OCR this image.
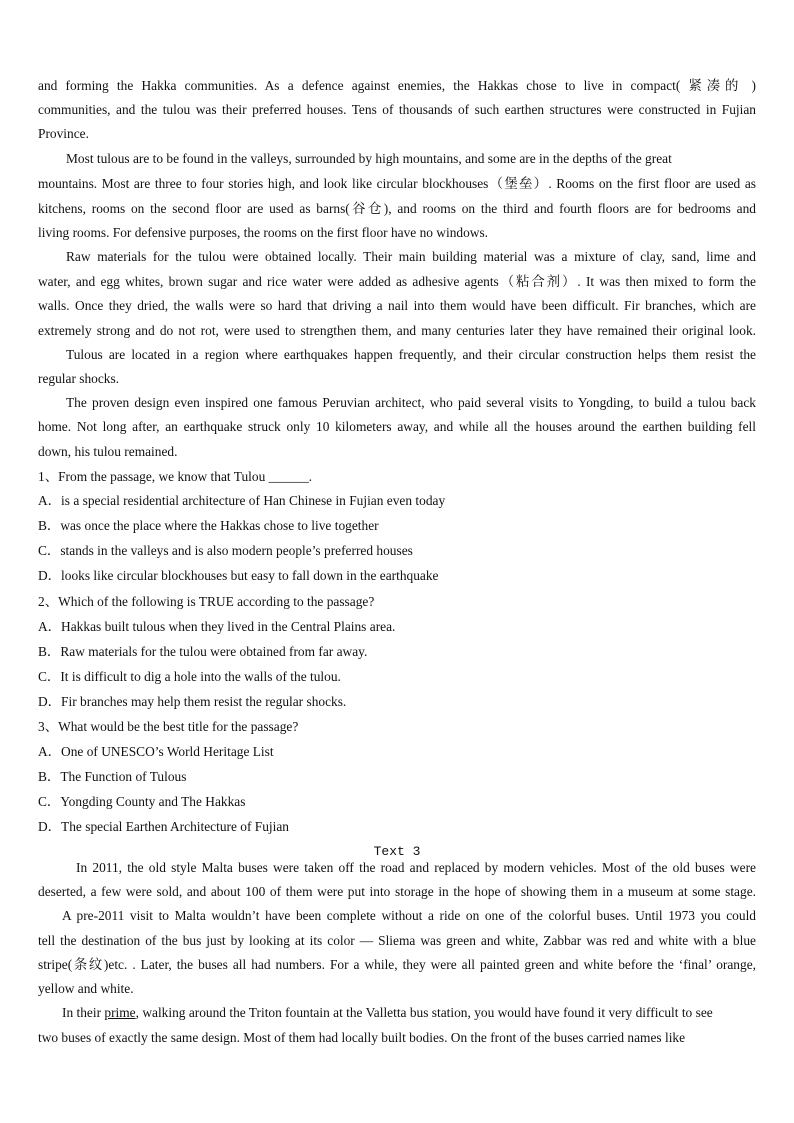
and forming the Hakka communities. As a defence against enemies, the Hakkas chose to live in compact( 紧凑的 )
communities, and the tulou was their preferred houses. Tens of thousands of such earthen structures were constructed in Fujian
Province.
Most tulous are to be found in the valleys, surrounded by high mountains, and some are in the depths of the great
mountains. Most are three to four stories high, and look like circular blockhouses（堡垒）. Rooms on the first floor are used as
kitchens, rooms on the second floor are used as barns(谷仓), and rooms on the third and fourth floors are for bedrooms and
living rooms. For defensive purposes, the rooms on the first floor have no windows.
Raw materials for the tulou were obtained locally. Their main building material was a mixture of clay, sand, lime and
water, and egg whites, brown sugar and rice water were added as adhesive agents（粘合剂）. It was then mixed to form the
walls. Once they dried, the walls were so hard that driving a nail into them would have been difficult. Fir branches, which are
extremely strong and do not rot, were used to strengthen them, and many centuries later they have remained their original look.
Tulous are located in a region where earthquakes happen frequently, and their circular construction helps them resist the
regular shocks.
The proven design even inspired one famous Peruvian architect, who paid several visits to Yongding, to build a tulou back
home. Not long after, an earthquake struck only 10 kilometers away, and while all the houses around the earthen building fell
down, his tulou remained.
1、From the passage, we know that Tulou ______.
A．is a special residential architecture of Han Chinese in Fujian even today
B．was once the place where the Hakkas chose to live together
C．stands in the valleys and is also modern people’s preferred houses
D．looks like circular blockhouses but easy to fall down in the earthquake
2、Which of the following is TRUE according to the passage?
A．Hakkas built tulous when they lived in the Central Plains area.
B．Raw materials for the tulou were obtained from far away.
C．It is difficult to dig a hole into the walls of the tulou.
D．Fir branches may help them resist the regular shocks.
3、What would be the best title for the passage?
A．One of UNESCO’s World Heritage List
B．The Function of Tulous
C．Yongding County and The Hakkas
D．The special Earthen Architecture of Fujian
Text 3
In 2011, the old style Malta buses were taken off the road and replaced by modern vehicles. Most of the old buses were
deserted, a few were sold, and about 100 of them were put into storage in the hope of showing them in a museum at some stage.
A pre-2011 visit to Malta wouldn’t have been complete without a ride on one of the colorful buses. Until 1973 you could
tell the destination of the bus just by looking at its color — Sliema was green and white, Zabbar was red and white with a blue
stripe(条纹)etc. . Later, the buses all had numbers. For a while, they were all painted green and white before the ‘final’ orange,
yellow and white.
In their prime, walking around the Triton fountain at the Valletta bus station, you would have found it very difficult to see
two buses of exactly the same design. Most of them had locally built bodies. On the front of the buses carried names like
